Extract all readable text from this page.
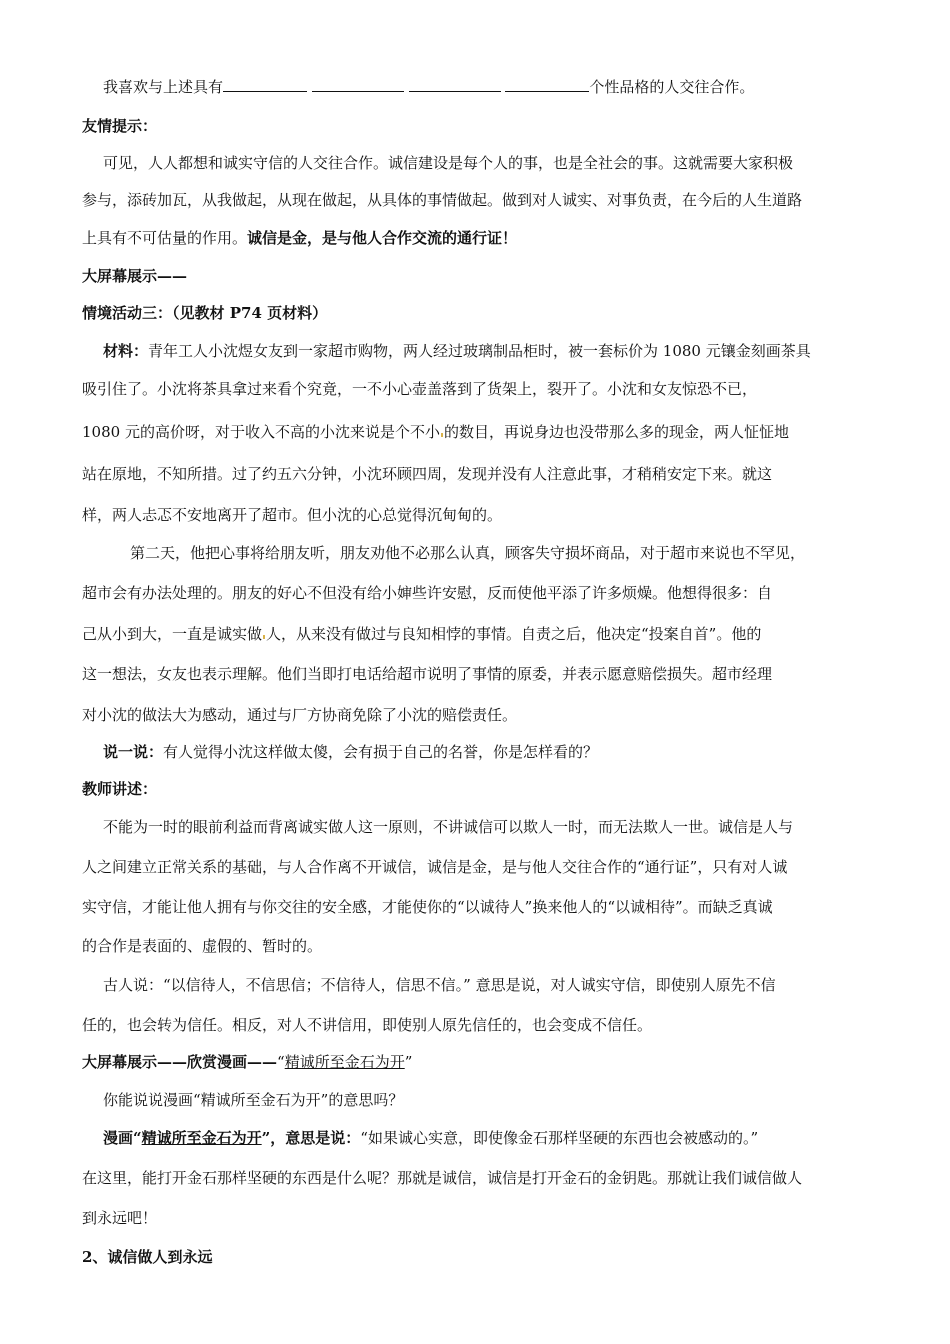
我喜欢与上述具有	个性品格的人交往合作。
友情提示：
可见，人人都想和诚实守信的人交往合作。诚信建设是每个人的事，也是全社会的事。这就需要大家积极
参与，添砖加瓦，从我做起，从现在做起，从具体的事情做起。做到对人诚实、对事负责，在今后的人生道路
上具有不可估量的作用。诚信是金，是与他人合作交流的通行证！
大屏幕展示——
情境活动三：（见教材 P74 页材料）
材料：青年工人小沈煜女友到一家超市购物，两人经过玻璃制品柜时，被一套标价为 1080 元镶金刻画茶具
吸引住了。小沈将茶具拿过来看个究竟，一不小心壶盖落到了货架上，裂开了。小沈和女友惊恐不已，
1080 元的高价呀，对于收入不高的小沈来说是个不小 的数目，再说身边也没带那么多的现金，两人怔怔地
站在原地，不知所措。过了约五六分钟，小沈环顾四周，发现并没有人注意此事，才稍稍安定下来。就这
样，两人忐忑不安地离开了超市。但小沈的心总觉得沉甸甸的。
第二天，他把心事将给朋友听，朋友劝他不必那么认真，顾客失守损坏商品，对于超市来说也不罕见，
超市会有办法处理的。朋友的好心不但没有给小婶些许安慰，反而使他平添了许多烦燥。他想得很多：自
己从小到大，一直是诚实做 人，从来没有做过与良知相悖的事情。自责之后，他决定“投案自首”。他的
这一想法，女友也表示理解。他们当即打电话给超市说明了事情的原委，并表示愿意赔偿损失。超市经理
对小沈的做法大为感动，通过与厂方协商免除了小沈的赔偿责任。
说一说：有人觉得小沈这样做太傻，会有损于自己的名誉，你是怎样看的？
教师讲述：
不能为一时的眼前利益而背离诚实做人这一原则，不讲诚信可以欺人一时，而无法欺人一世。诚信是人与
人之间建立正常关系的基础，与人合作离不开诚信，诚信是金，是与他人交往合作的“通行证”，只有对人诚
实守信，才能让他人拥有与你交往的安全感，才能使你的“以诚待人”换来他人的“以诚相待”。而缺乏真诚
的合作是表面的、虚假的、暂时的。
古人说：“以信待人，不信思信；不信待人，信思不信。” 意思是说，对人诚实守信，即使别人原先不信
任的，也会转为信任。相反，对人不讲信用，即使别人原先信任的，也会变成不信任。
大屏幕展示——欣赏漫画——“精诚所至金石为开”
你能说说漫画“精诚所至金石为开”的意思吗？
漫画“精诚所至金石为开”，意思是说：“如果诚心实意，即使像金石那样坚硬的东西也会被感动的。”
在这里，能打开金石那样坚硬的东西是什么呢？那就是诚信，诚信是打开金石的金钥匙。那就让我们诚信做人
到永远吧！
2、诚信做人到永远
